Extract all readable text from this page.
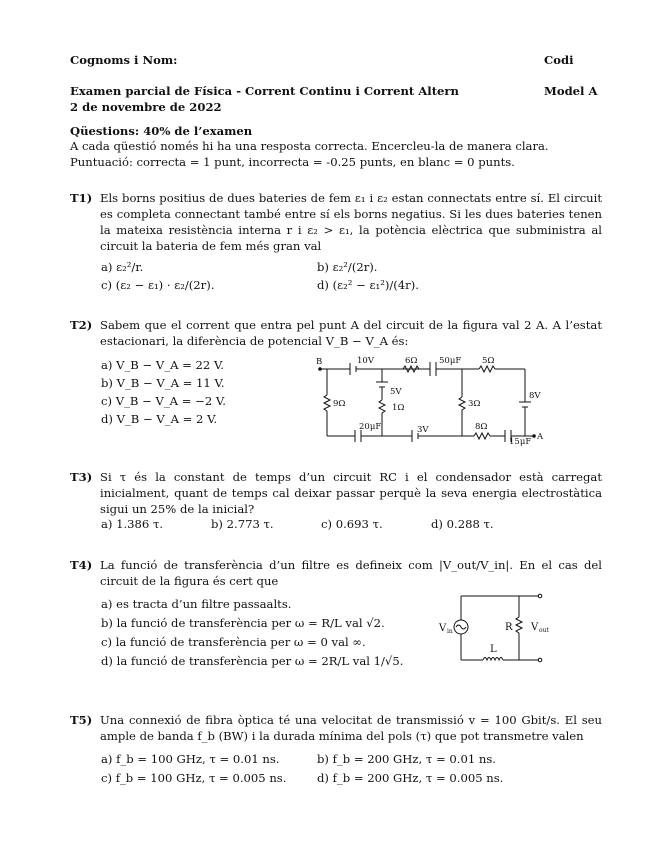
Cognoms i Nom:	Codi
Examen parcial de Física - Corrent Continu i Corrent Altern	Model A
2 de novembre de 2022
Qüestions: 40% de l’examen
A cada qüestió només hi ha una resposta correcta. Encercleu-la de manera clara.
Puntuació: correcta = 1 punt, incorrecta = -0.25 punts, en blanc = 0 punts.
T1) Els borns positius de dues bateries de fem ε₁ i ε₂ estan connectats entre sí. El circuit es completa connectant també entre sí els borns negatius. Si les dues bateries tenen la mateixa resistència interna r i ε₂ > ε₁, la potència elèctrica que subministra al circuit la bateria de fem més gran val
a) ε₂²/r.	b) ε₂²/(2r).
c) (ε₂ − ε₁) · ε₂/(2r).	d) (ε₂² − ε₁²)/(4r).
T2) Sabem que el corrent que entra pel punt A del circuit de la figura val 2 A. A l’estat estacionari, la diferència de potencial V_B − V_A és:
a) V_B − V_A = 22 V.
b) V_B − V_A = 11 V.
c) V_B − V_A = −2 V.
d) V_B − V_A = 2 V.
B
A
10V	6Ω	50μF 5Ω
5V
1Ω
9Ω	3Ω
8V
20μF	3V	8Ω
15μF
T3) Si τ és la constant de temps d’un circuit RC i el condensador està carregat inicialment, quant de temps cal deixar passar perquè la seva energia electrostàtica sigui un 25% de la inicial?
a) 1.386 τ.	b) 2.773 τ.	c) 0.693 τ.	d) 0.288 τ.
T4) La funció de transferència d’un filtre es defineix com |V_out/V_in|. En el cas del circuit de la figura és cert que
a) es tracta d’un filtre passaalts.
b) la funció de transferència per ω = R/L val √2.
c) la funció de transferència per ω = 0 val ∞.
d) la funció de transferència per ω = 2R/L val 1/√5.
V in	R V out
L
T5) Una connexió de fibra òptica té una velocitat de transmissió v = 100 Gbit/s. El seu ample de banda f_b (BW) i la durada mínima del pols (τ) que pot transmetre valen
a) f_b = 100 GHz, τ = 0.01 ns.	b) f_b = 200 GHz, τ = 0.01 ns.
c) f_b = 100 GHz, τ = 0.005 ns.	d) f_b = 200 GHz, τ = 0.005 ns.
